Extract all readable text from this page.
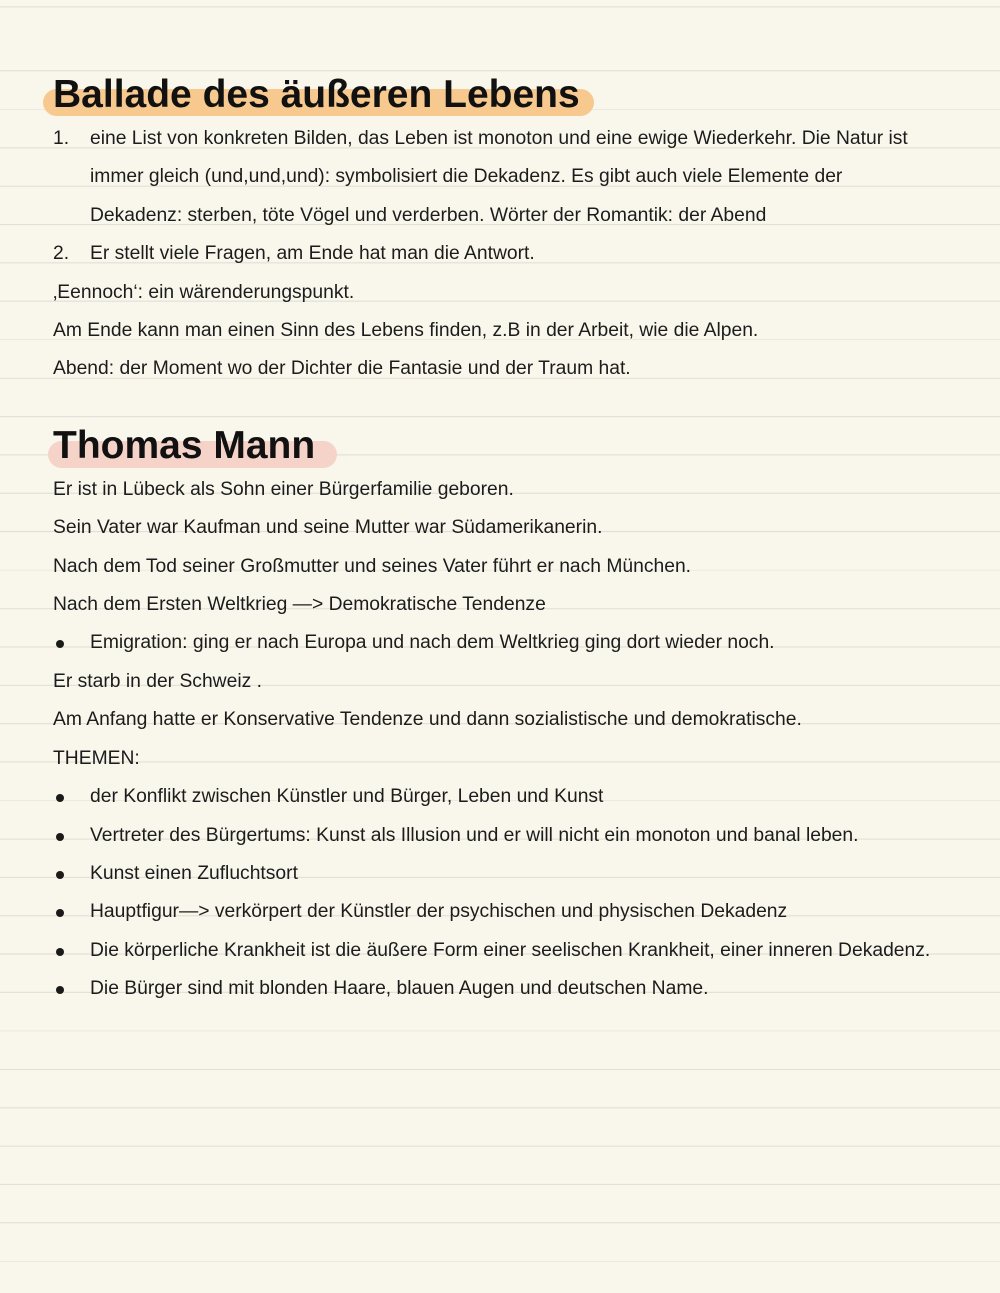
Ballade des äußeren Lebens
1.	eine List von konkreten Bilden, das Leben ist monoton und eine ewige Wiederkehr. Die Natur ist immer gleich (und,und,und): symbolisiert die Dekadenz. Es gibt auch viele Elemente der Dekadenz: sterben, töte Vögel und verderben. Wörter der Romantik: der Abend
2.	Er stellt viele Fragen, am Ende hat man die Antwort.

‚Eennoch‘: ein wärenderungspunkt.

Am Ende kann man einen Sinn des Lebens finden, z.B in der Arbeit, wie die Alpen.

Abend: der Moment wo der Dichter die Fantasie und der Traum hat.

Thomas Mann

Er ist in Lübeck als Sohn einer Bürgerfamilie geboren.

Sein Vater war Kaufman und seine Mutter war Südamerikanerin.

Nach dem Tod seiner Großmutter und seines Vater führt er nach München.

Nach dem Ersten Weltkrieg —> Demokratische Tendenze

Emigration: ging er nach Europa und nach dem Weltkrieg ging dort wieder noch.

Er starb in der Schweiz .

Am Anfang hatte er Konservative Tendenze und dann sozialistische und demokratische.

THEMEN:

der Konflikt zwischen Künstler und Bürger, Leben und Kunst
Vertreter des Bürgertums: Kunst als Illusion und er will nicht ein monoton und banal leben.
Kunst einen Zufluchtsort
Hauptfigur—> verkörpert der Künstler der psychischen und physischen Dekadenz
Die körperliche Krankheit ist die äußere Form einer seelischen Krankheit, einer inneren Dekadenz.
Die Bürger sind mit blonden Haare, blauen Augen und deutschen Name.
